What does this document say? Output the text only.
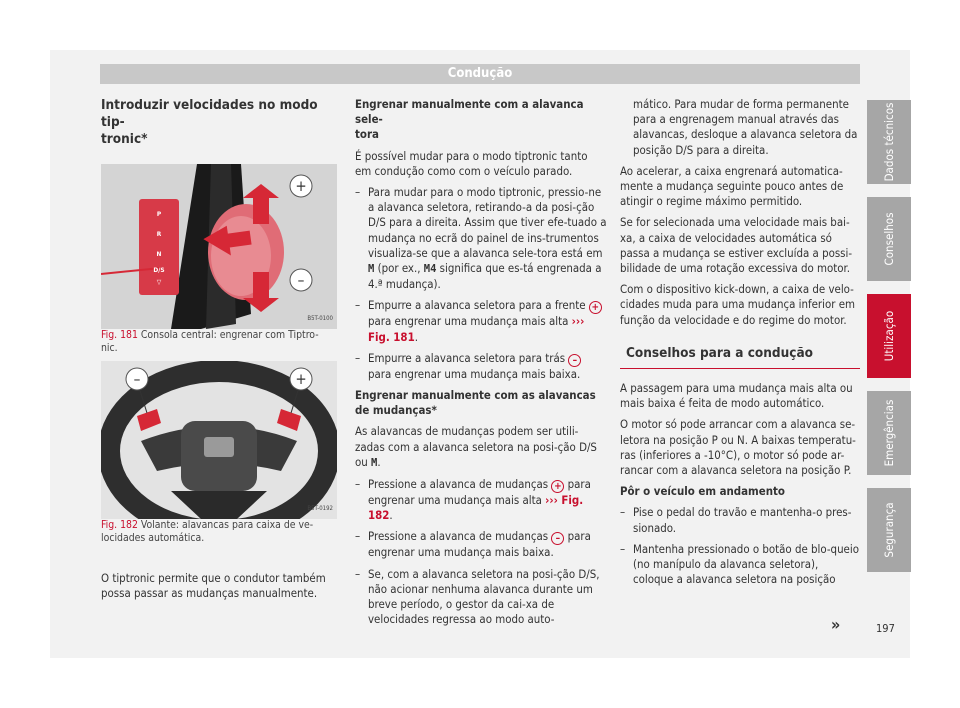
Condução
Introduzir velocidades no modo tip-
tronic*
+
–
P
R
N
D/S
▽
B5T-0100

Fig. 181 Consola central: engrenar com Tiptro- nic.

–	+
B5T-0192

Fig. 182 Volante: alavancas para caixa de ve- locidades automática.

O tiptronic permite que o condutor também possa passar as mudanças manualmente.

Engrenar manualmente com a alavanca sele-
tora

É possível mudar para o modo tiptronic tanto em condução como com o veículo parado.

– Para mudar para o modo tiptronic, pressio-ne a alavanca seletora, retirando-a da posi-ção D/S para a direita. Assim que tiver efe-tuado a mudança no ecrã do painel de ins-trumentos visualiza-se que a alavanca sele-tora está em M (por ex., M4 significa que es-tá engrenada a 4.ª mudança).

– Empurre a alavanca seletora para a frente + para engrenar uma mudança mais alta ››› Fig. 181.

– Empurre a alavanca seletora para trás – para engrenar uma mudança mais baixa.

Engrenar manualmente com as alavancas de mudanças*

As alavancas de mudanças podem ser utili-zadas com a alavanca seletora na posi-ção D/S ou M.

– Pressione a alavanca de mudanças + para engrenar uma mudança mais alta ››› Fig. 182.

– Pressione a alavanca de mudanças – para engrenar uma mudança mais baixa.

– Se, com a alavanca seletora na posi-ção D/S, não acionar nenhuma alavanca durante um breve período, o gestor da cai-xa de velocidades regressa ao modo auto-

mático. Para mudar de forma permanente para a engrenagem manual através das alavancas, desloque a alavanca seletora da posição D/S para a direita.

Ao acelerar, a caixa engrenará automatica-mente a mudança seguinte pouco antes de atingir o regime máximo permitido.

Se for selecionada uma velocidade mais bai-xa, a caixa de velocidades automática só passa a mudança se estiver excluída a possi-bilidade de uma rotação excessiva do motor.

Com o dispositivo kick-down, a caixa de velo-cidades muda para uma mudança inferior em função da velocidade e do regime do motor.

Conselhos para a condução

A passagem para uma mudança mais alta ou mais baixa é feita de modo automático.

O motor só pode arrancar com a alavanca se-letora na posição P ou N. A baixas temperatu-ras (inferiores a -10°C), o motor só pode ar-rancar com a alavanca seletora na posição P.

Pôr o veículo em andamento

– Pise o pedal do travão e mantenha-o pres-sionado.

– Mantenha pressionado o botão de blo-queio (no manípulo da alavanca seletora), coloque a alavanca seletora na posição

»	197
Dados técnicos
Conselhos
Utilização
Emergências
Segurança
